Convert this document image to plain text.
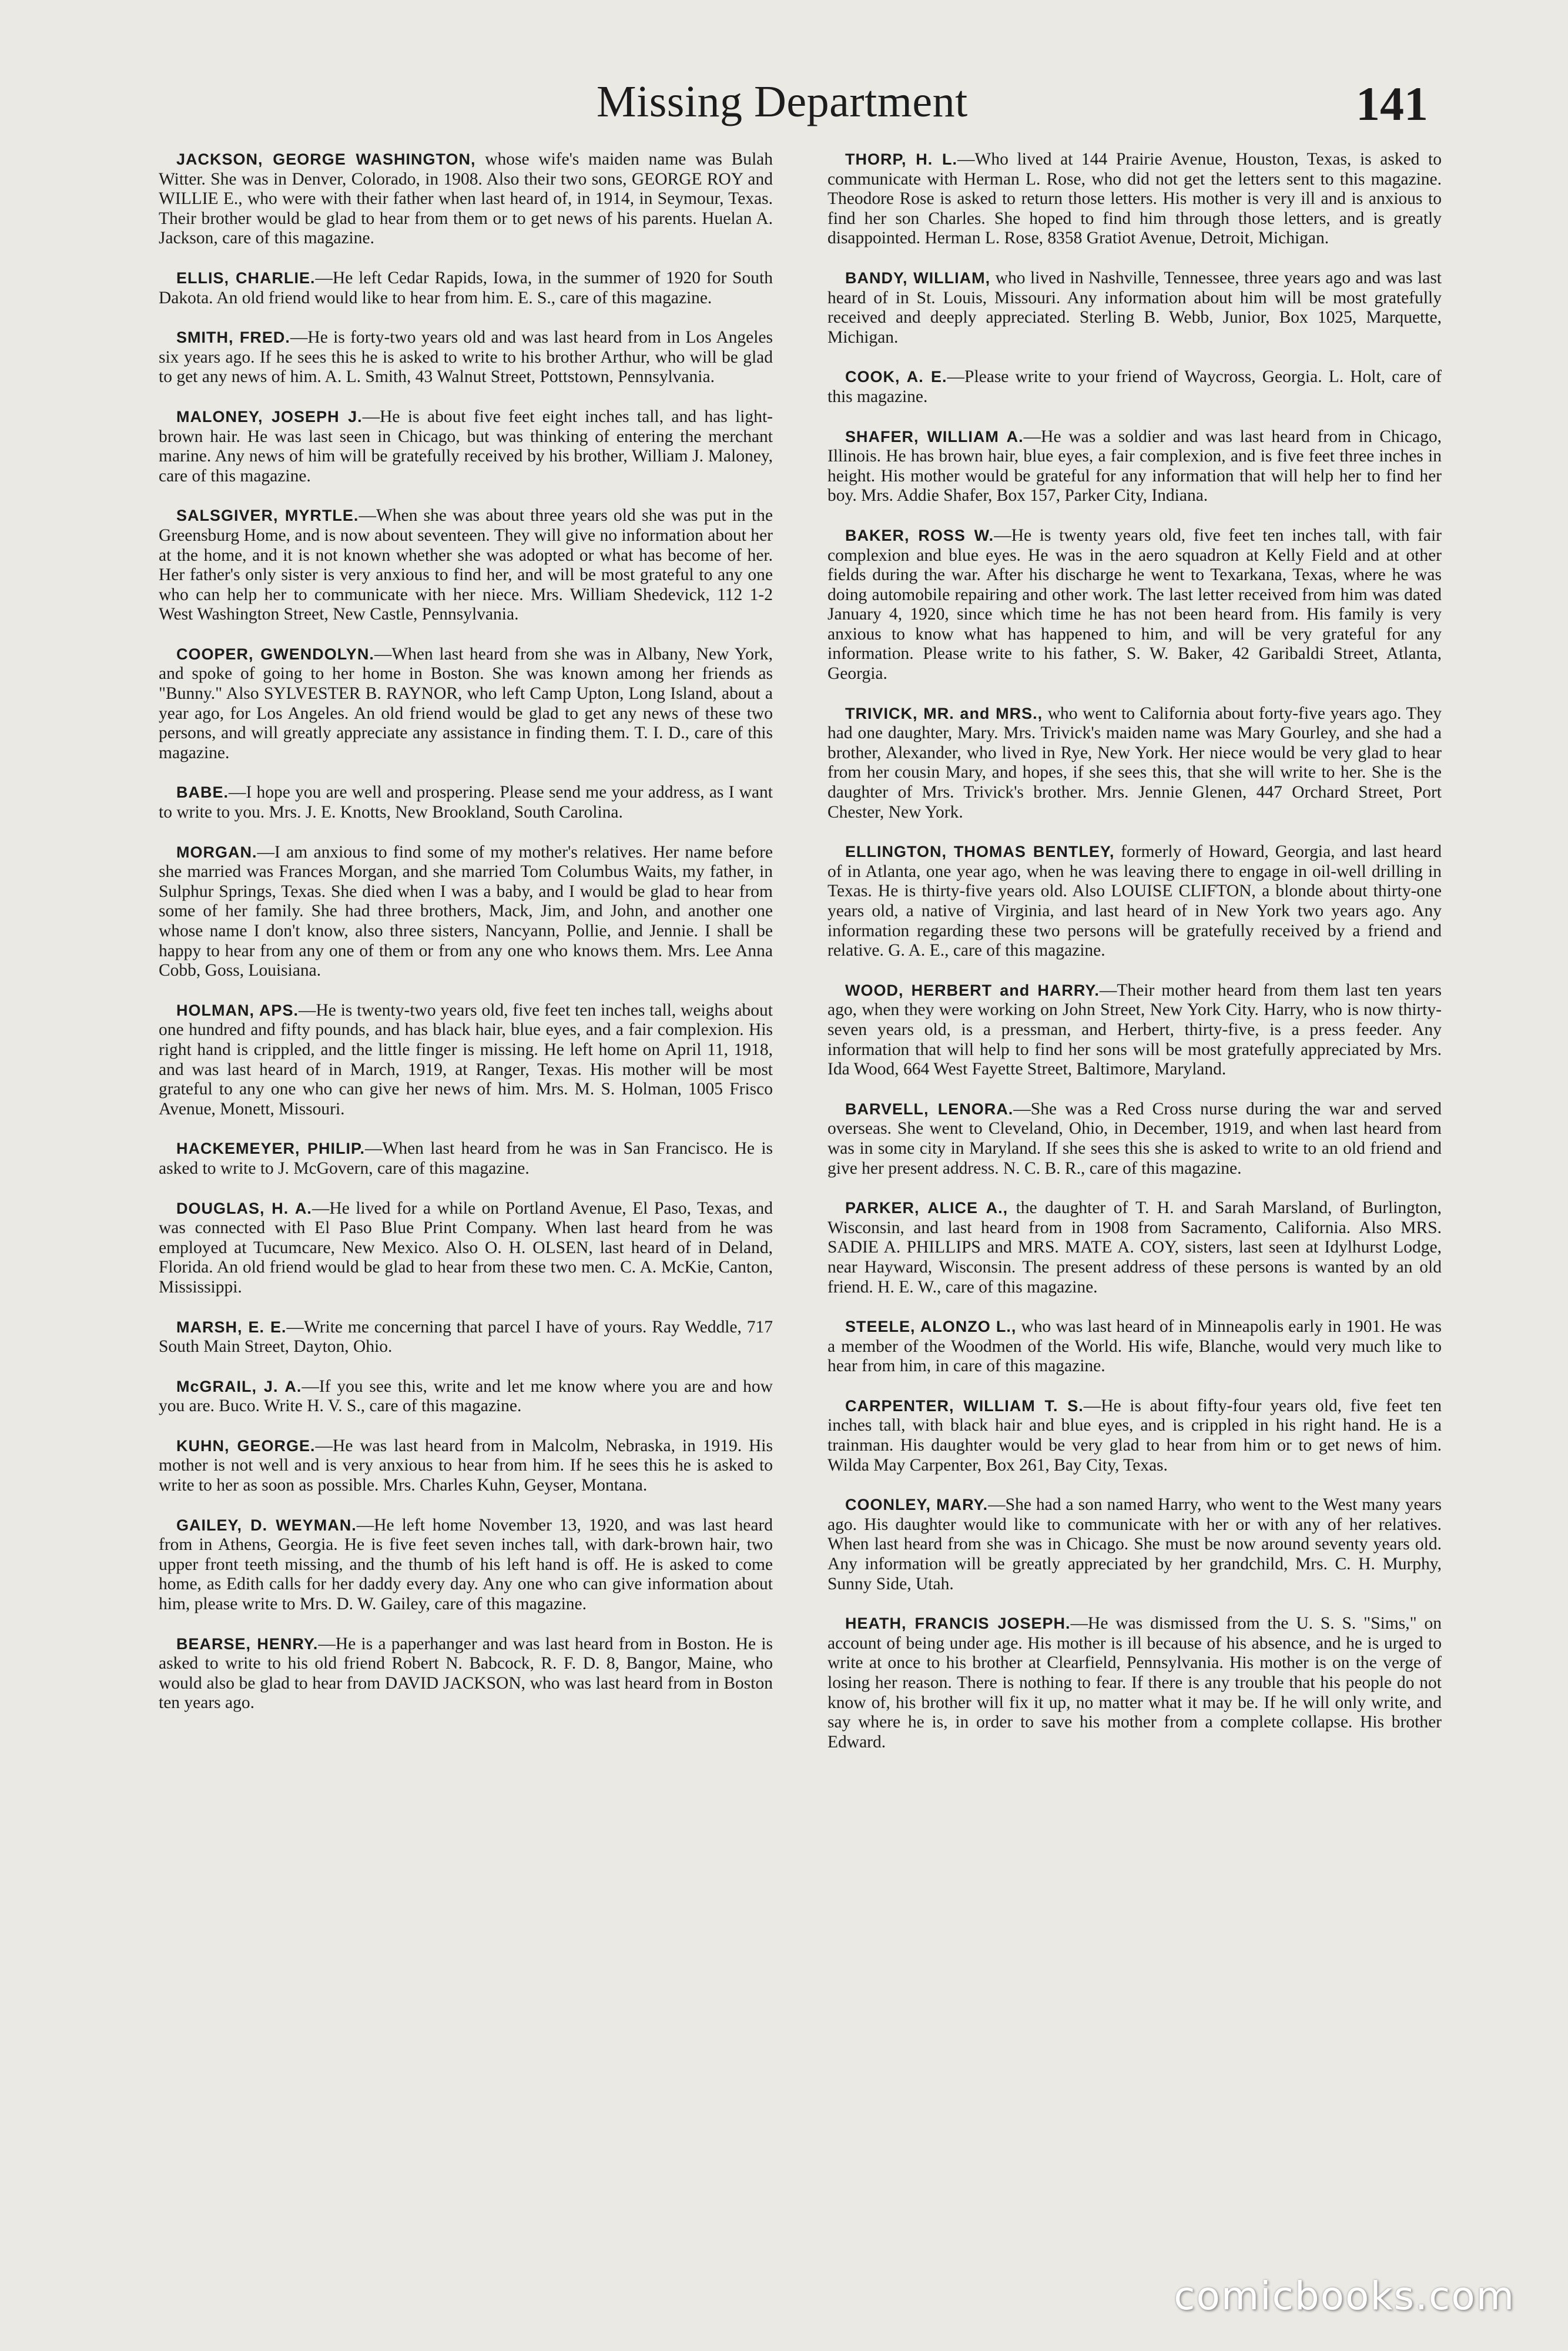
Missing Department	141

JACKSON, GEORGE WASHINGTON, whose wife's maiden name was Bulah Witter. She was in Denver, Colorado, in 1908. Also their two sons, GEORGE ROY and WILLIE E., who were with their father when last heard of, in 1914, in Seymour, Texas. Their brother would be glad to hear from them or to get news of his parents. Huelan A. Jackson, care of this magazine.

ELLIS, CHARLIE.—He left Cedar Rapids, Iowa, in the summer of 1920 for South Dakota. An old friend would like to hear from him. E. S., care of this magazine.

SMITH, FRED.—He is forty-two years old and was last heard from in Los Angeles six years ago. If he sees this he is asked to write to his brother Arthur, who will be glad to get any news of him. A. L. Smith, 43 Walnut Street, Pottstown, Pennsylvania.

MALONEY, JOSEPH J.—He is about five feet eight inches tall, and has light-brown hair. He was last seen in Chicago, but was thinking of entering the merchant marine. Any news of him will be gratefully received by his brother, William J. Maloney, care of this magazine.

SALSGIVER, MYRTLE.—When she was about three years old she was put in the Greensburg Home, and is now about seventeen. They will give no information about her at the home, and it is not known whether she was adopted or what has become of her. Her father's only sister is very anxious to find her, and will be most grateful to any one who can help her to communicate with her niece. Mrs. William Shedevick, 112 1-2 West Washington Street, New Castle, Pennsylvania.

COOPER, GWENDOLYN.—When last heard from she was in Albany, New York, and spoke of going to her home in Boston. She was known among her friends as "Bunny." Also SYLVESTER B. RAYNOR, who left Camp Upton, Long Island, about a year ago, for Los Angeles. An old friend would be glad to get any news of these two persons, and will greatly appreciate any assistance in finding them. T. I. D., care of this magazine.

BABE.—I hope you are well and prospering. Please send me your address, as I want to write to you. Mrs. J. E. Knotts, New Brookland, South Carolina.

MORGAN.—I am anxious to find some of my mother's relatives. Her name before she married was Frances Morgan, and she married Tom Columbus Waits, my father, in Sulphur Springs, Texas. She died when I was a baby, and I would be glad to hear from some of her family. She had three brothers, Mack, Jim, and John, and another one whose name I don't know, also three sisters, Nancyann, Pollie, and Jennie. I shall be happy to hear from any one of them or from any one who knows them. Mrs. Lee Anna Cobb, Goss, Louisiana.

HOLMAN, APS.—He is twenty-two years old, five feet ten inches tall, weighs about one hundred and fifty pounds, and has black hair, blue eyes, and a fair complexion. His right hand is crippled, and the little finger is missing. He left home on April 11, 1918, and was last heard of in March, 1919, at Ranger, Texas. His mother will be most grateful to any one who can give her news of him. Mrs. M. S. Holman, 1005 Frisco Avenue, Monett, Missouri.

HACKEMEYER, PHILIP.—When last heard from he was in San Francisco. He is asked to write to J. McGovern, care of this magazine.

DOUGLAS, H. A.—He lived for a while on Portland Avenue, El Paso, Texas, and was connected with El Paso Blue Print Company. When last heard from he was employed at Tucumcare, New Mexico. Also O. H. OLSEN, last heard of in Deland, Florida. An old friend would be glad to hear from these two men. C. A. McKie, Canton, Mississippi.

MARSH, E. E.—Write me concerning that parcel I have of yours. Ray Weddle, 717 South Main Street, Dayton, Ohio.

McGRAIL, J. A.—If you see this, write and let me know where you are and how you are. Buco. Write H. V. S., care of this magazine.

KUHN, GEORGE.—He was last heard from in Malcolm, Nebraska, in 1919. His mother is not well and is very anxious to hear from him. If he sees this he is asked to write to her as soon as possible. Mrs. Charles Kuhn, Geyser, Montana.

GAILEY, D. WEYMAN.—He left home November 13, 1920, and was last heard from in Athens, Georgia. He is five feet seven inches tall, with dark-brown hair, two upper front teeth missing, and the thumb of his left hand is off. He is asked to come home, as Edith calls for her daddy every day. Any one who can give information about him, please write to Mrs. D. W. Gailey, care of this magazine.

BEARSE, HENRY.—He is a paperhanger and was last heard from in Boston. He is asked to write to his old friend Robert N. Babcock, R. F. D. 8, Bangor, Maine, who would also be glad to hear from DAVID JACKSON, who was last heard from in Boston ten years ago.

THORP, H. L.—Who lived at 144 Prairie Avenue, Houston, Texas, is asked to communicate with Herman L. Rose, who did not get the letters sent to this magazine. Theodore Rose is asked to return those letters. His mother is very ill and is anxious to find her son Charles. She hoped to find him through those letters, and is greatly disappointed. Herman L. Rose, 8358 Gratiot Avenue, Detroit, Michigan.

BANDY, WILLIAM, who lived in Nashville, Tennessee, three years ago and was last heard of in St. Louis, Missouri. Any information about him will be most gratefully received and deeply appreciated. Sterling B. Webb, Junior, Box 1025, Marquette, Michigan.

COOK, A. E.—Please write to your friend of Waycross, Georgia. L. Holt, care of this magazine.

SHAFER, WILLIAM A.—He was a soldier and was last heard from in Chicago, Illinois. He has brown hair, blue eyes, a fair complexion, and is five feet three inches in height. His mother would be grateful for any information that will help her to find her boy. Mrs. Addie Shafer, Box 157, Parker City, Indiana.

BAKER, ROSS W.—He is twenty years old, five feet ten inches tall, with fair complexion and blue eyes. He was in the aero squadron at Kelly Field and at other fields during the war. After his discharge he went to Texarkana, Texas, where he was doing automobile repairing and other work. The last letter received from him was dated January 4, 1920, since which time he has not been heard from. His family is very anxious to know what has happened to him, and will be very grateful for any information. Please write to his father, S. W. Baker, 42 Garibaldi Street, Atlanta, Georgia.

TRIVICK, MR. and MRS., who went to California about forty-five years ago. They had one daughter, Mary. Mrs. Trivick's maiden name was Mary Gourley, and she had a brother, Alexander, who lived in Rye, New York. Her niece would be very glad to hear from her cousin Mary, and hopes, if she sees this, that she will write to her. She is the daughter of Mrs. Trivick's brother. Mrs. Jennie Glenen, 447 Orchard Street, Port Chester, New York.

ELLINGTON, THOMAS BENTLEY, formerly of Howard, Georgia, and last heard of in Atlanta, one year ago, when he was leaving there to engage in oil-well drilling in Texas. He is thirty-five years old. Also LOUISE CLIFTON, a blonde about thirty-one years old, a native of Virginia, and last heard of in New York two years ago. Any information regarding these two persons will be gratefully received by a friend and relative. G. A. E., care of this magazine.

WOOD, HERBERT and HARRY.—Their mother heard from them last ten years ago, when they were working on John Street, New York City. Harry, who is now thirty-seven years old, is a pressman, and Herbert, thirty-five, is a press feeder. Any information that will help to find her sons will be most gratefully appreciated by Mrs. Ida Wood, 664 West Fayette Street, Baltimore, Maryland.

BARVELL, LENORA.—She was a Red Cross nurse during the war and served overseas. She went to Cleveland, Ohio, in December, 1919, and when last heard from was in some city in Maryland. If she sees this she is asked to write to an old friend and give her present address. N. C. B. R., care of this magazine.

PARKER, ALICE A., the daughter of T. H. and Sarah Marsland, of Burlington, Wisconsin, and last heard from in 1908 from Sacramento, California. Also MRS. SADIE A. PHILLIPS and MRS. MATE A. COY, sisters, last seen at Idylhurst Lodge, near Hayward, Wisconsin. The present address of these persons is wanted by an old friend. H. E. W., care of this magazine.

STEELE, ALONZO L., who was last heard of in Minneapolis early in 1901. He was a member of the Woodmen of the World. His wife, Blanche, would very much like to hear from him, in care of this magazine.

CARPENTER, WILLIAM T. S.—He is about fifty-four years old, five feet ten inches tall, with black hair and blue eyes, and is crippled in his right hand. He is a trainman. His daughter would be very glad to hear from him or to get news of him. Wilda May Carpenter, Box 261, Bay City, Texas.

COONLEY, MARY.—She had a son named Harry, who went to the West many years ago. His daughter would like to communicate with her or with any of her relatives. When last heard from she was in Chicago. She must be now around seventy years old. Any information will be greatly appreciated by her grandchild, Mrs. C. H. Murphy, Sunny Side, Utah.

HEATH, FRANCIS JOSEPH.—He was dismissed from the U. S. S. "Sims," on account of being under age. His mother is ill because of his absence, and he is urged to write at once to his brother at Clearfield, Pennsylvania. His mother is on the verge of losing her reason. There is nothing to fear. If there is any trouble that his people do not know of, his brother will fix it up, no matter what it may be. If he will only write, and say where he is, in order to save his mother from a complete collapse. His brother Edward.

comicbooks.com
